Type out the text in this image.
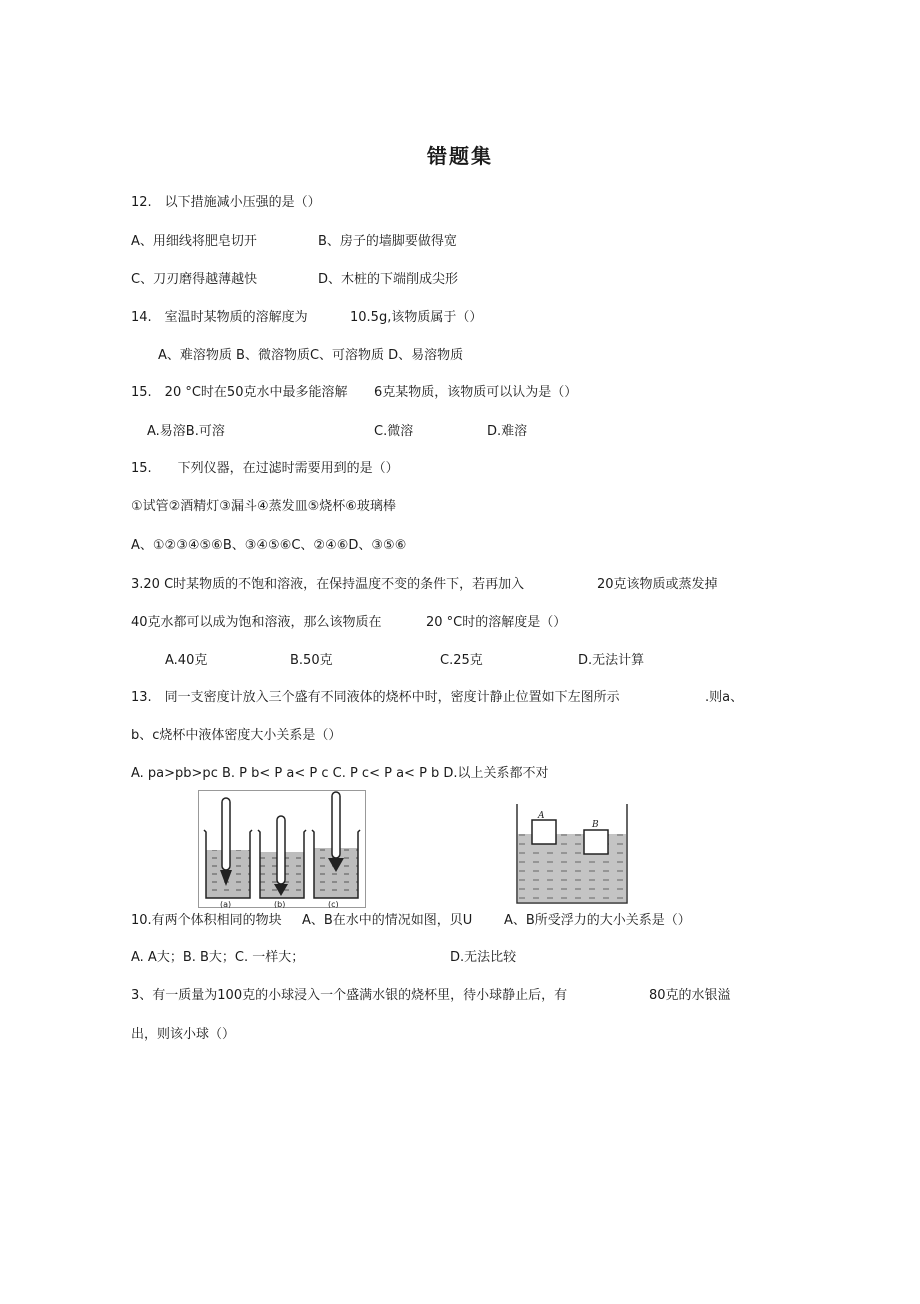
错题集
12.　以下措施减小压强的是（）
A、用细线将肥皂切开	B、房子的墙脚要做得宽
C、刀刃磨得越薄越快	D、木桩的下端削成尖形
14.　室温时某物质的溶解度为	10.5g,该物质属于（）
A、难溶物质 B、微溶物质C、可溶物质 D、易溶物质
15.　20 °C时在50克水中最多能溶解 6克某物质，该物质可以认为是（）
A.易溶B.可溶	C.微溶	D.难溶
15.　　下列仪器，在过滤时需要用到的是（）
①试管②酒精灯③漏斗④蒸发皿⑤烧杯⑥玻璃棒
A、①②③④⑤⑥B、③④⑤⑥C、②④⑥D、③⑤⑥
3.20 C时某物质的不饱和溶液，在保持温度不变的条件下，若再加入	20克该物质或蒸发掉
40克水都可以成为饱和溶液，那么该物质在	20 °C时的溶解度是（）
A.40克	B.50克	C.25克	D.无法计算
13.　同一支密度计放入三个盛有不同液体的烧杯中时，密度计静止位置如下左图所示	.则a、
b、c烧杯中液体密度大小关系是（）
A. pa>pb>pc B. P b< P a< P c C. P c< P a< P b D.以上关系都不对
(a)	(b)	(c)
A
B
10.有两个体积相同的物块 A、B在水中的情况如图，贝U A、B所受浮力的大小关系是（）
A. A大；B. B大；C. 一样大；	D.无法比较
3、有一质量为100克的小球浸入一个盛满水银的烧杯里，待小球静止后，有	80克的水银溢
出，则该小球（）
